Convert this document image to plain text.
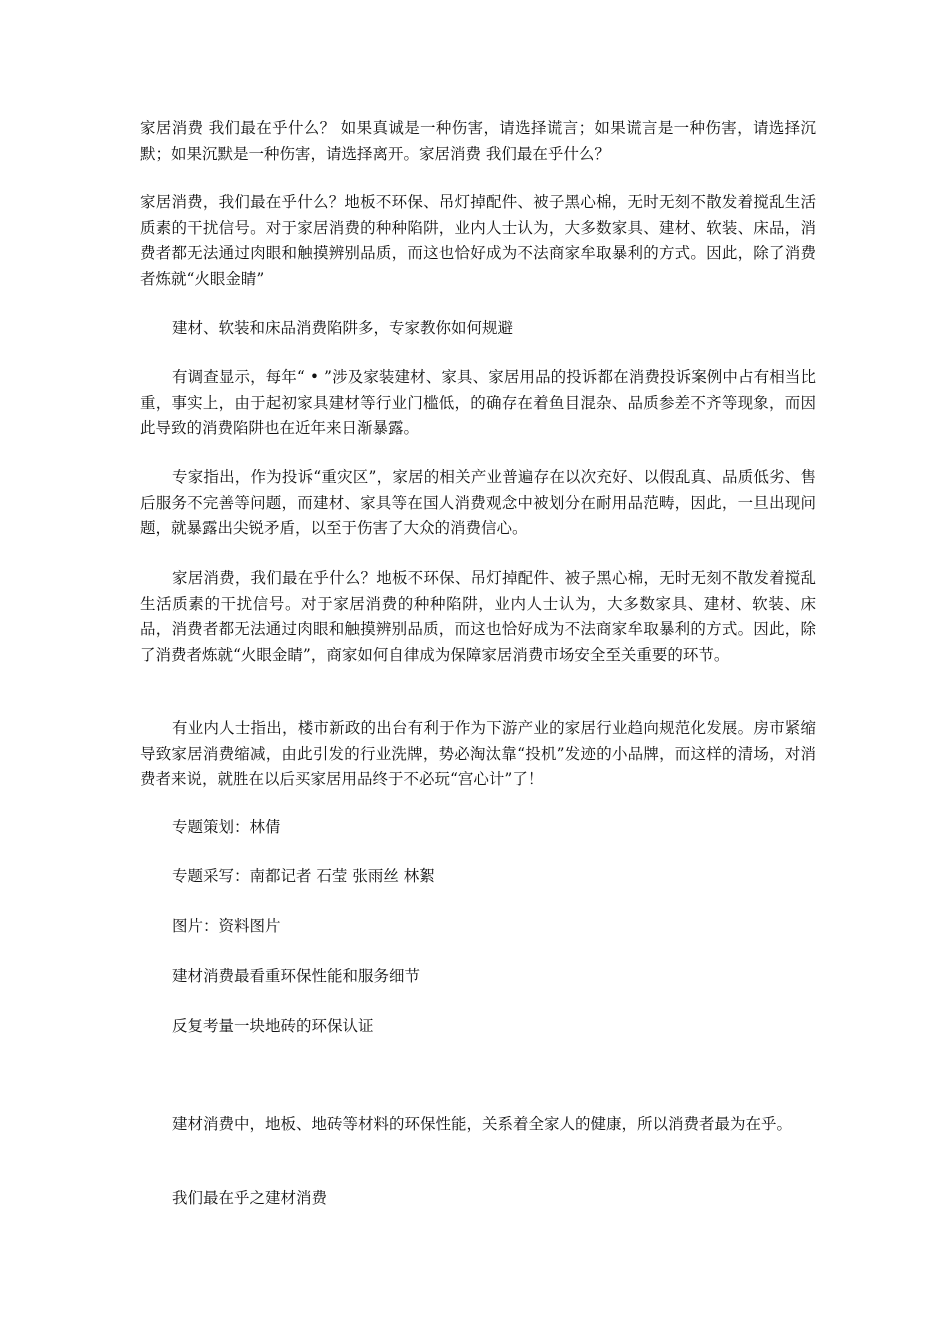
家居消费 我们最在乎什么？ 如果真诚是一种伤害，请选择谎言；如果谎言是一种伤害，请选择沉默；如果沉默是一种伤害，请选择离开。家居消费 我们最在乎什么？

家居消费，我们最在乎什么？地板不环保、吊灯掉配件、被子黑心棉，无时无刻不散发着搅乱生活质素的干扰信号。对于家居消费的种种陷阱，业内人士认为，大多数家具、建材、软装、床品，消费者都无法通过肉眼和触摸辨别品质，而这也恰好成为不法商家牟取暴利的方式。因此，除了消费者炼就“火眼金睛”

建材、软装和床品消费陷阱多，专家教你如何规避

有调查显示，每年“ • ”涉及家装建材、家具、家居用品的投诉都在消费投诉案例中占有相当比重，事实上，由于起初家具建材等行业门槛低，的确存在着鱼目混杂、品质参差不齐等现象，而因此导致的消费陷阱也在近年来日渐暴露。

专家指出，作为投诉“重灾区”，家居的相关产业普遍存在以次充好、以假乱真、品质低劣、售后服务不完善等问题，而建材、家具等在国人消费观念中被划分在耐用品范畴，因此，一旦出现问题，就暴露出尖锐矛盾，以至于伤害了大众的消费信心。

家居消费，我们最在乎什么？地板不环保、吊灯掉配件、被子黑心棉，无时无刻不散发着搅乱生活质素的干扰信号。对于家居消费的种种陷阱，业内人士认为，大多数家具、建材、软装、床品，消费者都无法通过肉眼和触摸辨别品质，而这也恰好成为不法商家牟取暴利的方式。因此，除了消费者炼就“火眼金睛”，商家如何自律成为保障家居消费市场安全至关重要的环节。

有业内人士指出，楼市新政的出台有利于作为下游产业的家居行业趋向规范化发展。房市紧缩导致家居消费缩减，由此引发的行业洗牌，势必淘汰靠“投机”发迹的小品牌，而这样的清场，对消费者来说，就胜在以后买家居用品终于不必玩“宫心计”了！

专题策划：林倩

专题采写：南都记者 石莹 张雨丝 林絮

图片：资料图片

建材消费最看重环保性能和服务细节

反复考量一块地砖的环保认证

建材消费中，地板、地砖等材料的环保性能，关系着全家人的健康，所以消费者最为在乎。

我们最在乎之建材消费
